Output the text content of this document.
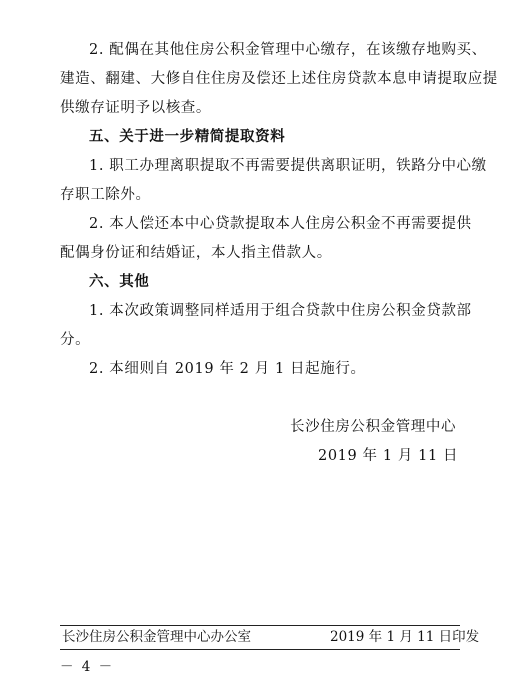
2. 配偶在其他住房公积金管理中心缴存，在该缴存地购买、
建造、翻建、大修自住住房及偿还上述住房贷款本息申请提取应提
供缴存证明予以核查。
五、关于进一步精简提取资料
1. 职工办理离职提取不再需要提供离职证明，铁路分中心缴
存职工除外。
2. 本人偿还本中心贷款提取本人住房公积金不再需要提供
配偶身份证和结婚证，本人指主借款人。
六、其他
1. 本次政策调整同样适用于组合贷款中住房公积金贷款部
分。
2. 本细则自 2019 年 2 月 1 日起施行。
长沙住房公积金管理中心
2019 年 1 月 11 日
长沙住房公积金管理中心办公室	2019 年 1 月 11 日印发
－ 4 －
